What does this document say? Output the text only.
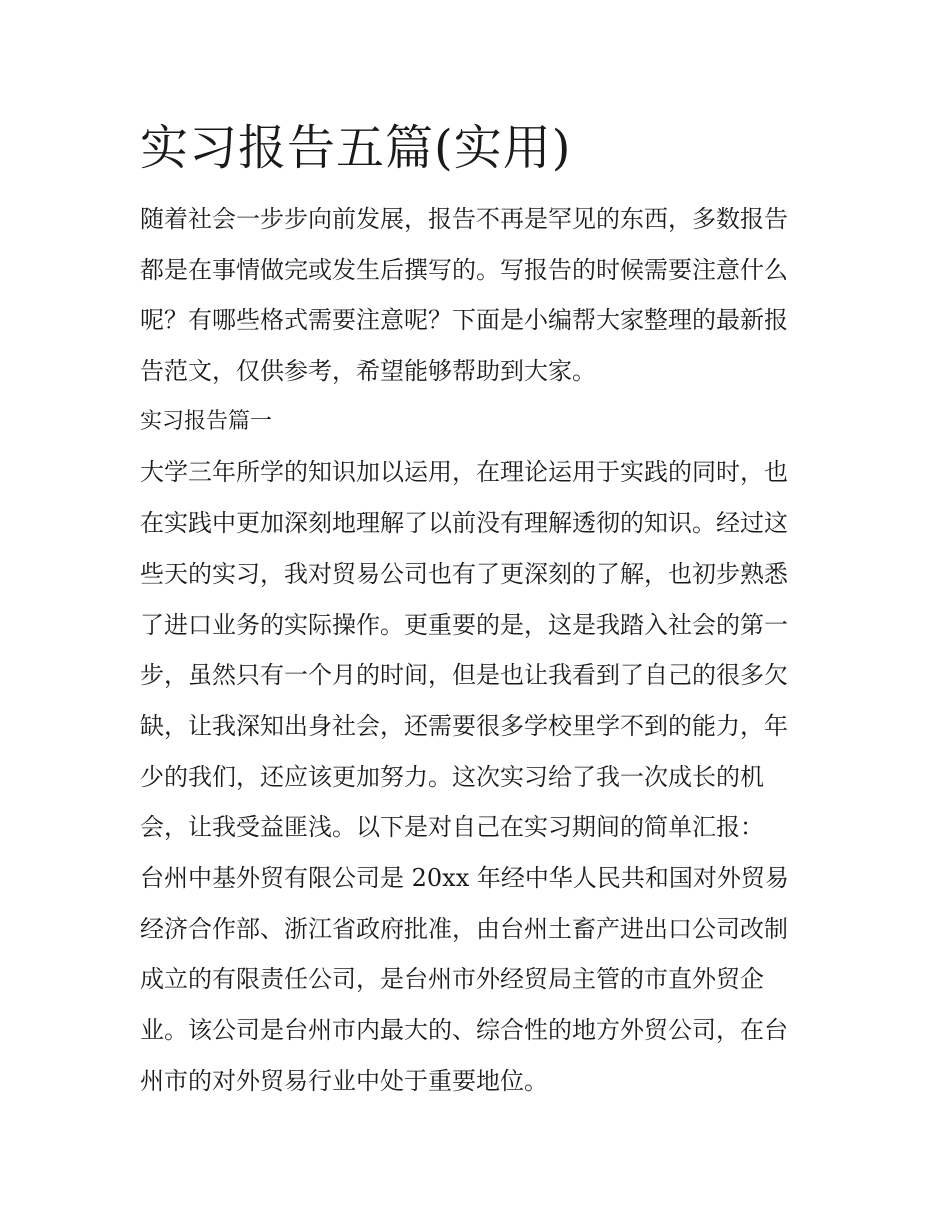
实习报告五篇(实用)
随着社会一步步向前发展，报告不再是罕见的东西，多数报告
都是在事情做完或发生后撰写的。写报告的时候需要注意什么
呢？有哪些格式需要注意呢？下面是小编帮大家整理的最新报
告范文，仅供参考，希望能够帮助到大家。
实习报告篇一
大学三年所学的知识加以运用，在理论运用于实践的同时，也
在实践中更加深刻地理解了以前没有理解透彻的知识。经过这
些天的实习，我对贸易公司也有了更深刻的了解，也初步熟悉
了进口业务的实际操作。更重要的是，这是我踏入社会的第一
步，虽然只有一个月的时间，但是也让我看到了自己的很多欠
缺，让我深知出身社会，还需要很多学校里学不到的能力，年
少的我们，还应该更加努力。这次实习给了我一次成长的机
会，让我受益匪浅。以下是对自己在实习期间的简单汇报：
台州中基外贸有限公司是 20xx 年经中华人民共和国对外贸易
经济合作部、浙江省政府批准，由台州土畜产进出口公司改制
成立的有限责任公司，是台州市外经贸局主管的市直外贸企
业。该公司是台州市内最大的、综合性的地方外贸公司，在台
州市的对外贸易行业中处于重要地位。
